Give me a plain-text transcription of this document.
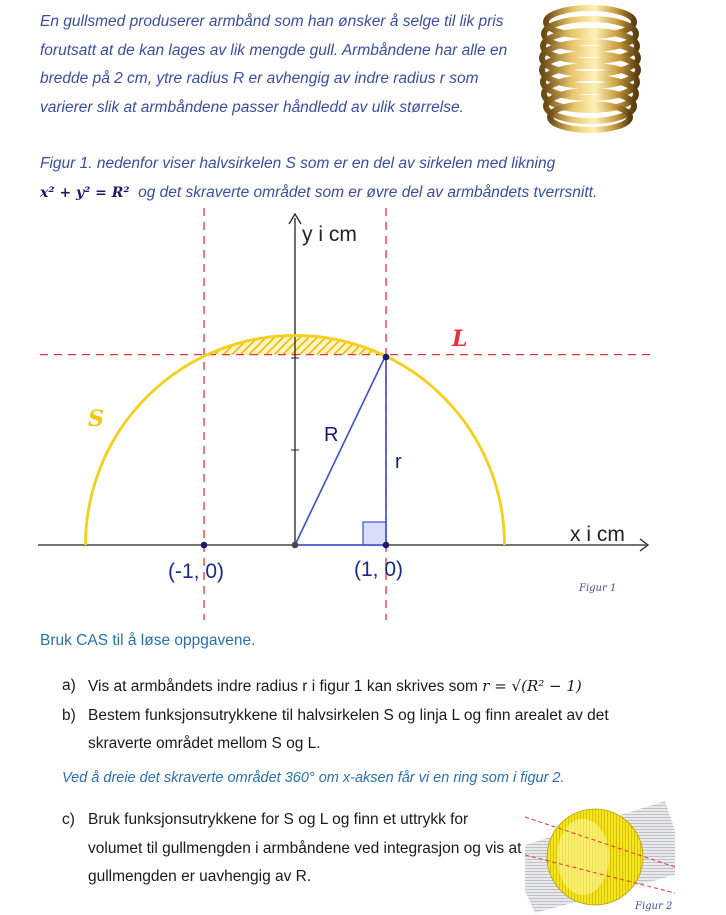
En gullsmed produserer armbånd som han ønsker å selge til lik pris forutsatt at de kan lages av lik mengde gull. Armbåndene har alle en bredde på 2 cm, ytre radius R er avhengig av indre radius r som varierer slik at armbåndene passer håndledd av ulik størrelse.
Figur 1. nedenfor viser halvsirkelen S som er en del av sirkelen med likning
x² + y² = R² og det skraverte området som er øvre del av armbåndets tverrsnitt.
y i cm
x i cm
L
S
R
r
(-1, 0)	(1, 0)
Figur 1
Bruk CAS til å løse oppgavene.
a) Vis at armbåndets indre radius r i figur 1 kan skrives som r = √(R² − 1)
b) Bestem funksjonsutrykkene til halvsirkelen S og linja L og finn arealet av det skraverte området mellom S og L.
Ved å dreie det skraverte området 360° om x-aksen får vi en ring som i figur 2.
c) Bruk funksjonsutrykkene for S og L og finn et uttrykk for volumet til gullmengden i armbåndene ved integrasjon og vis at gullmengden er uavhengig av R.
Figur 2
